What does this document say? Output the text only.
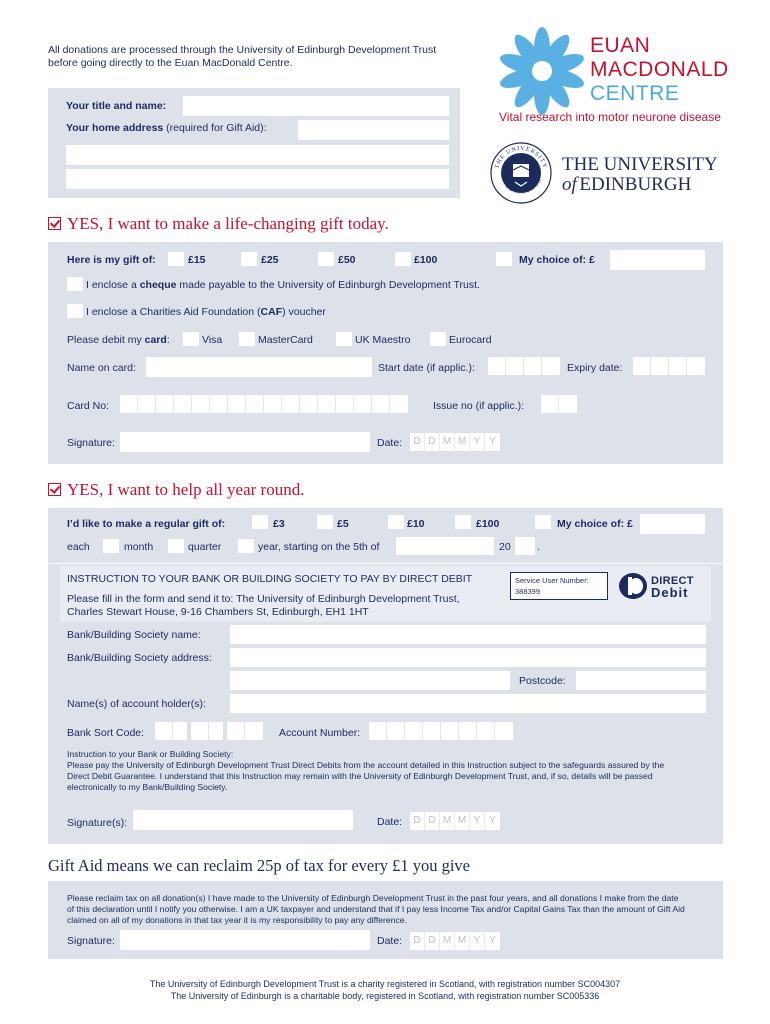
All donations are processed through the University of Edinburgh Development Trust before going directly to the Euan MacDonald Centre.
EUAN
MACDONALD
CENTRE
Vital research into motor neurone disease
THE UNIVERSITY
EDINBURGH
THE UNIVERSITY
of EDINBURGH
Your title and name:
Your home address (required for Gift Aid):
YES, I want to make a life-changing gift today.
Here is my gift of:	£15	£25	£50	£100	My choice of: £
I enclose a cheque made payable to the University of Edinburgh Development Trust.
I enclose a Charities Aid Foundation (CAF) voucher
Please debit my card:	Visa	MasterCard	UK Maestro	Eurocard
Name on card:	Start date (if applic.):	Expiry date:
Card No:	Issue no (if applic.):
Signature:	Date:	D D M M Y Y
YES, I want to help all year round.
I’d like to make a regular gift of:	£3	£5	£10	£100	My choice of: £
each	month	quarter	year, starting on the 5th of	20	.
INSTRUCTION TO YOUR BANK OR BUILDING SOCIETY TO PAY BY DIRECT DEBIT
Please fill in the form and send it to: The University of Edinburgh Development Trust,
Charles Stewart House, 9-16 Chambers St, Edinburgh, EH1 1HT
Service User Number:
388399
DIRECT
Debit
Bank/Building Society name:
Bank/Building Society address:
Postcode:
Name(s) of account holder(s):
Bank Sort Code:	Account Number:
Instruction to your Bank or Building Society:
Please pay the University of Edinburgh Development Trust Direct Debits from the account detailed in this Instruction subject to the safeguards assured by the Direct Debit Guarantee. I understand that this Instruction may remain with the University of Edinburgh Development Trust, and, if so, details will be passed electronically to my Bank/Building Society.
Signature(s):	Date:	D D M M Y Y
Gift Aid means we can reclaim 25p of tax for every £1 you give
Please reclaim tax on all donation(s) I have made to the University of Edinburgh Development Trust in the past four years, and all donations I make from the date of this declaration until I notify you otherwise. I am a UK taxpayer and understand that if I pay less Income Tax and/or Capital Gains Tax than the amount of Gift Aid claimed on all of my donations in that tax year it is my responsibility to pay any difference.
Signature:	Date:	D D M M Y Y
The University of Edinburgh Development Trust is a charity registered in Scotland, with registration number SC004307
The University of Edinburgh is a charitable body, registered in Scotland, with registration number SC005336
